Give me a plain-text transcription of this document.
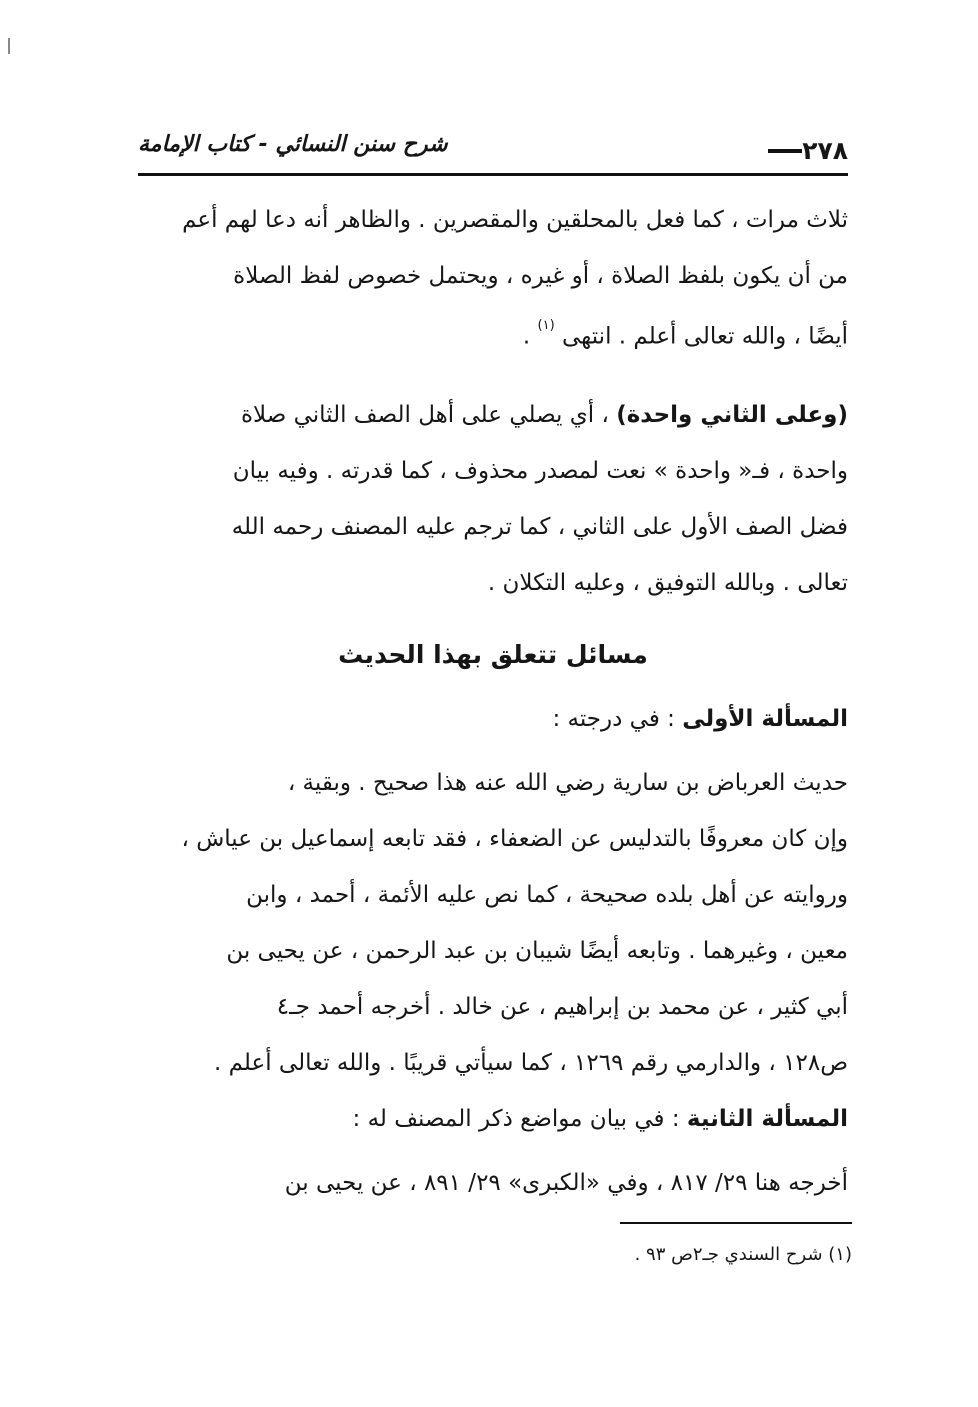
شرح سنن النسائي - كتاب الإمامة	٢٧٨

ثلاث مرات ، كما فعل بالمحلقين والمقصرين . والظاهر أنه دعا لهم أعم
من أن يكون بلفظ الصلاة ، أو غيره ، ويحتمل خصوص لفظ الصلاة
أيضًا ، والله تعالى أعلم . انتهى $^{(١)}$ .

(وعلى الثاني واحدة) ، أي يصلي على أهل الصف الثاني صلاة
واحدة ، فـ« واحدة » نعت لمصدر محذوف ، كما قدرته . وفيه بيان
فضل الصف الأول على الثاني ، كما ترجم عليه المصنف رحمه الله
تعالى . وبالله التوفيق ، وعليه التكلان .

مسائل تتعلق بهذا الحديث

المسألة الأولى : في درجته :

حديث العرباض بن سارية رضي الله عنه هذا صحيح . وبقية ،
وإن كان معروفًا بالتدليس عن الضعفاء ، فقد تابعه إسماعيل بن عياش ،
وروايته عن أهل بلده صحيحة ، كما نص عليه الأئمة ، أحمد ، وابن
معين ، وغيرهما . وتابعه أيضًا شيبان بن عبد الرحمن ، عن يحيى بن
أبي كثير ، عن محمد بن إبراهيم ، عن خالد . أخرجه أحمد جـ٤
ص١٢٨ ، والدارمي رقم ١٢٦٩ ، كما سيأتي قريبًا . والله تعالى أعلم .

المسألة الثانية : في بيان مواضع ذكر المصنف له :

أخرجه هنا ٢٩/ ٨١٧ ، وفي «الكبرى» ٢٩/ ٨٩١ ، عن يحيى بن

(١) شرح السندي جـ٢ص ٩٣ .
